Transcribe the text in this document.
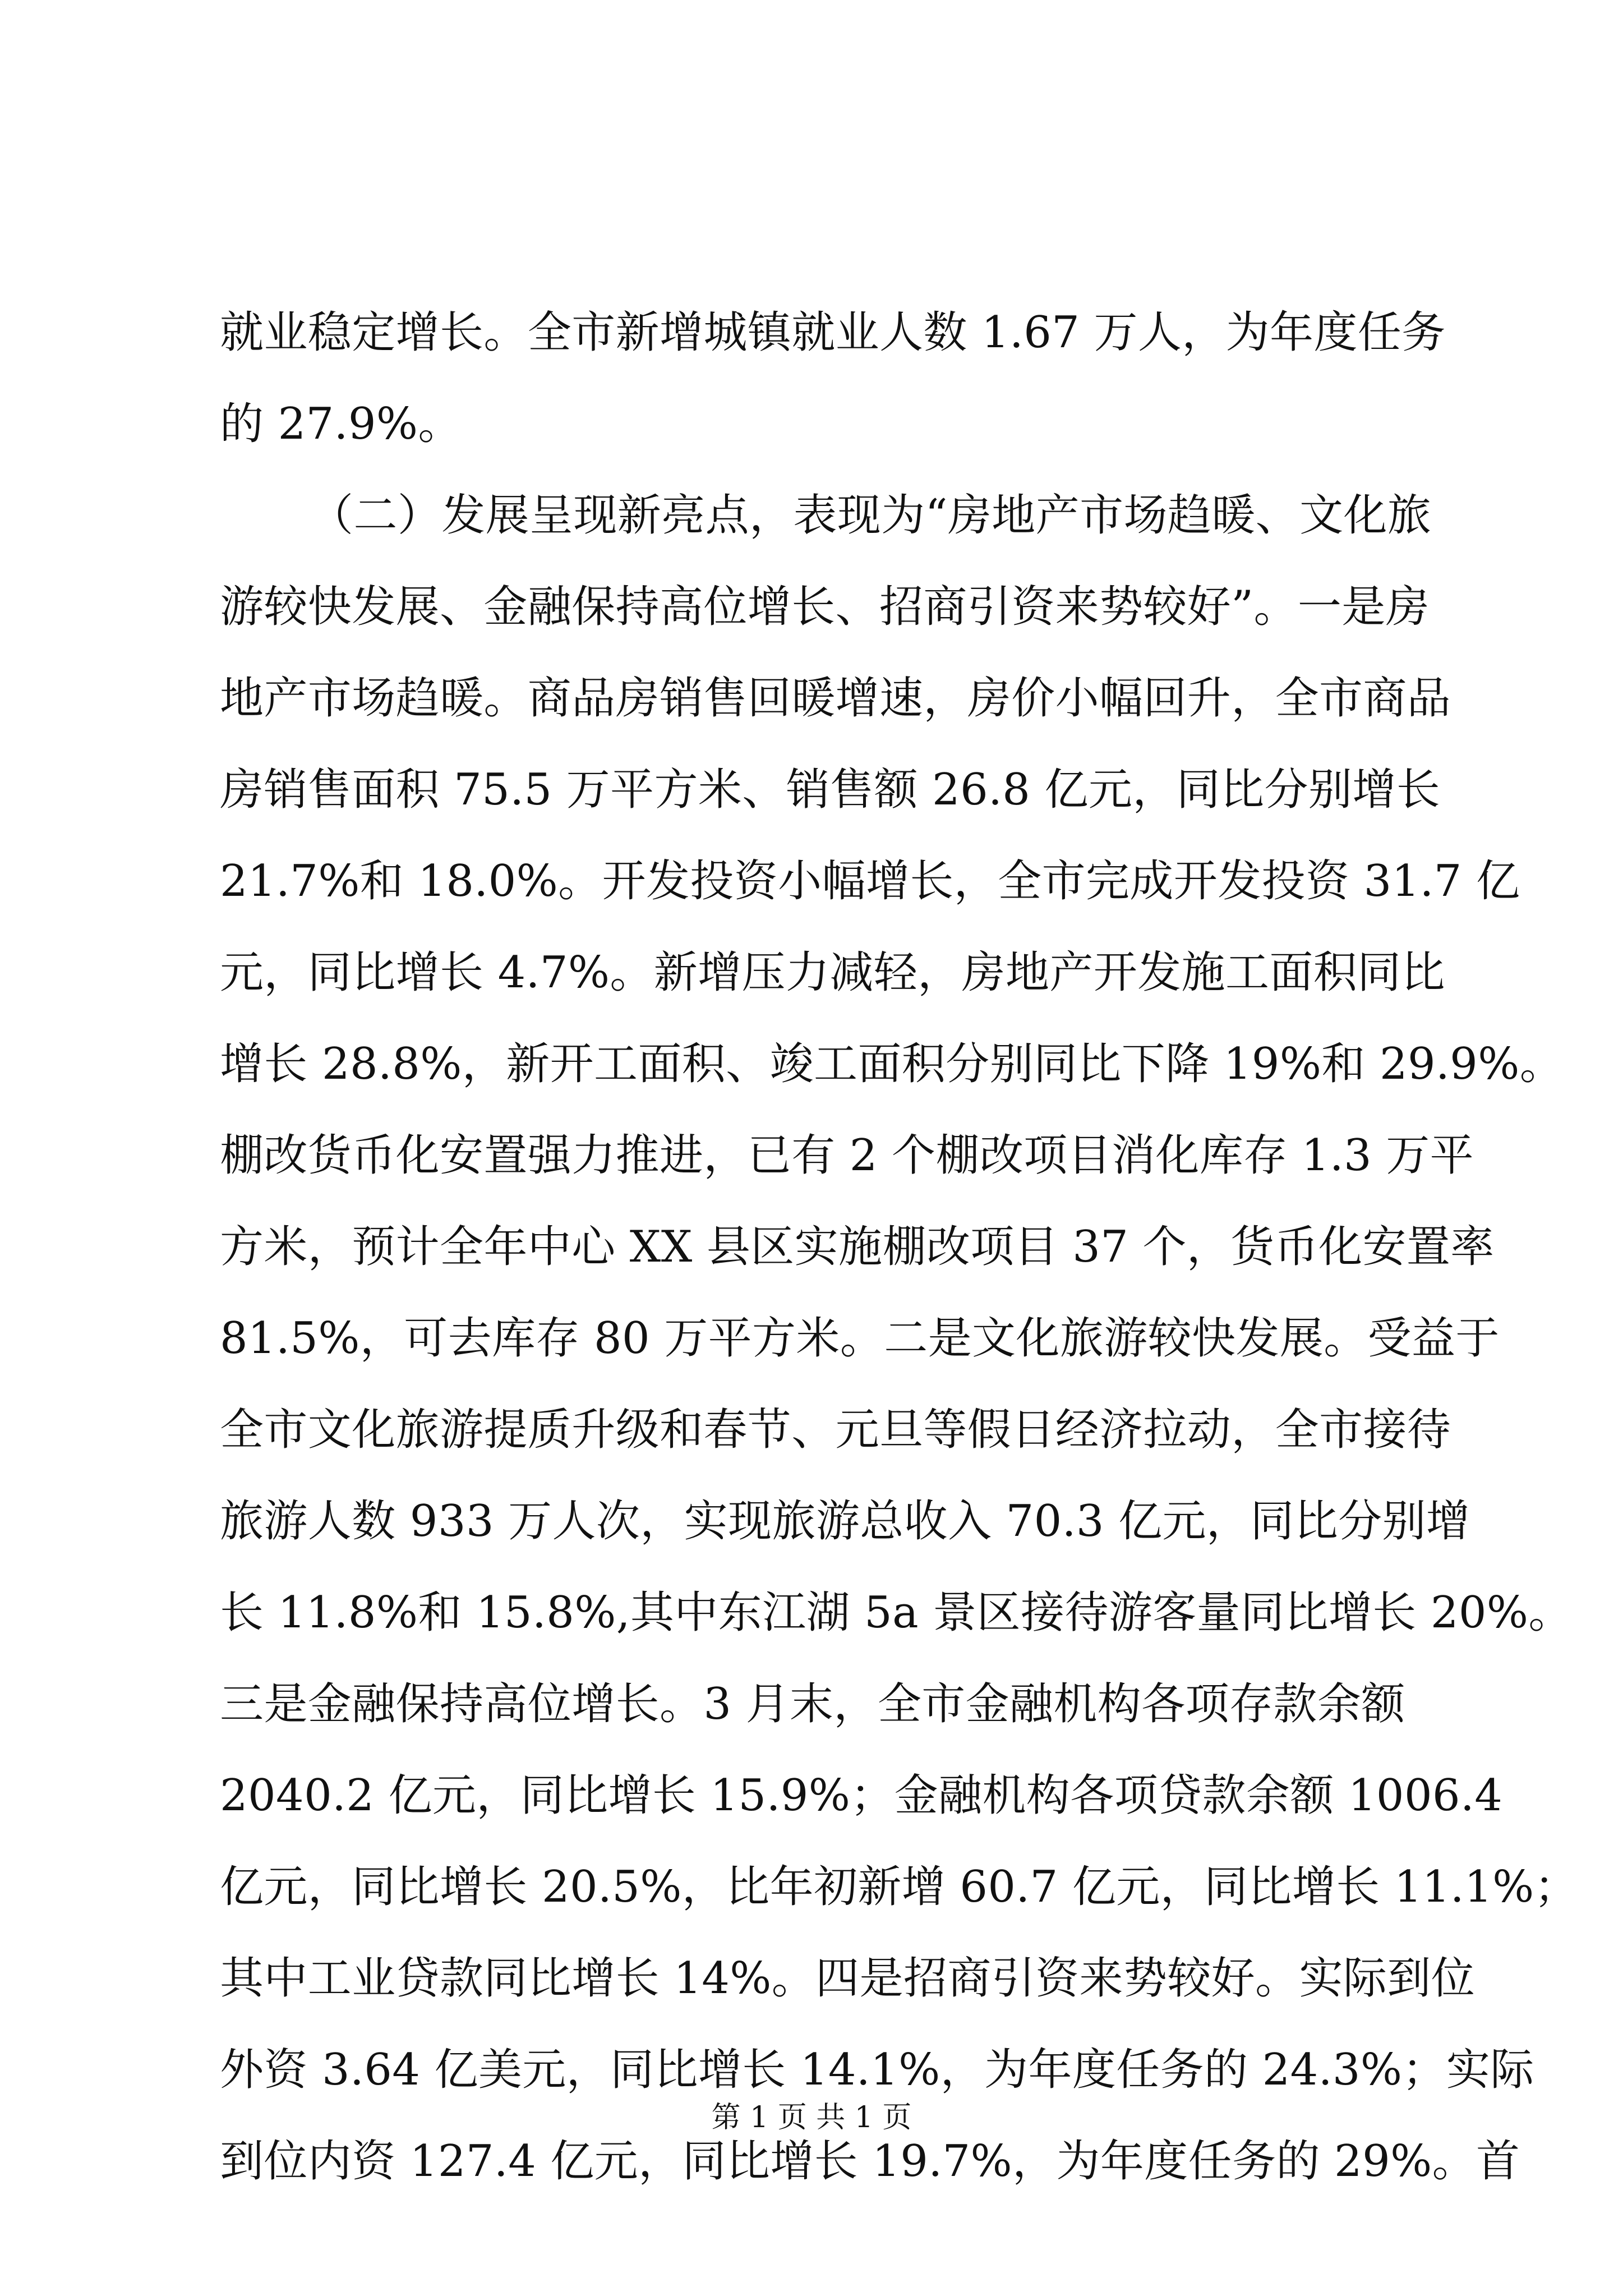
就业稳定增长。全市新增城镇就业人数 1.67 万人，为年度任务
的 27.9%。
（二）发展呈现新亮点，表现为“房地产市场趋暖、文化旅
游较快发展、金融保持高位增长、招商引资来势较好”。一是房
地产市场趋暖。商品房销售回暖增速，房价小幅回升，全市商品
房销售面积 75.5 万平方米、销售额 26.8 亿元，同比分别增长
21.7%和 18.0%。开发投资小幅增长，全市完成开发投资 31.7 亿
元，同比增长 4.7%。新增压力减轻，房地产开发施工面积同比
增长 28.8%，新开工面积、竣工面积分别同比下降 19%和 29.9%。
棚改货币化安置强力推进，已有 2 个棚改项目消化库存 1.3 万平
方米，预计全年中心 XX 县区实施棚改项目 37 个，货币化安置率
81.5%，可去库存 80 万平方米。二是文化旅游较快发展。受益于
全市文化旅游提质升级和春节、元旦等假日经济拉动，全市接待
旅游人数 933 万人次，实现旅游总收入 70.3 亿元，同比分别增
长 11.8%和 15.8%,其中东江湖 5a 景区接待游客量同比增长 20%。
三是金融保持高位增长。3 月末，全市金融机构各项存款余额
2040.2 亿元，同比增长 15.9%；金融机构各项贷款余额 1006.4
亿元，同比增长 20.5%，比年初新增 60.7 亿元，同比增长 11.1%；
其中工业贷款同比增长 14%。四是招商引资来势较好。实际到位
外资 3.64 亿美元，同比增长 14.1%，为年度任务的 24.3%；实际
到位内资 127.4 亿元，同比增长 19.7%，为年度任务的 29%。首
第 1 页 共 1 页
